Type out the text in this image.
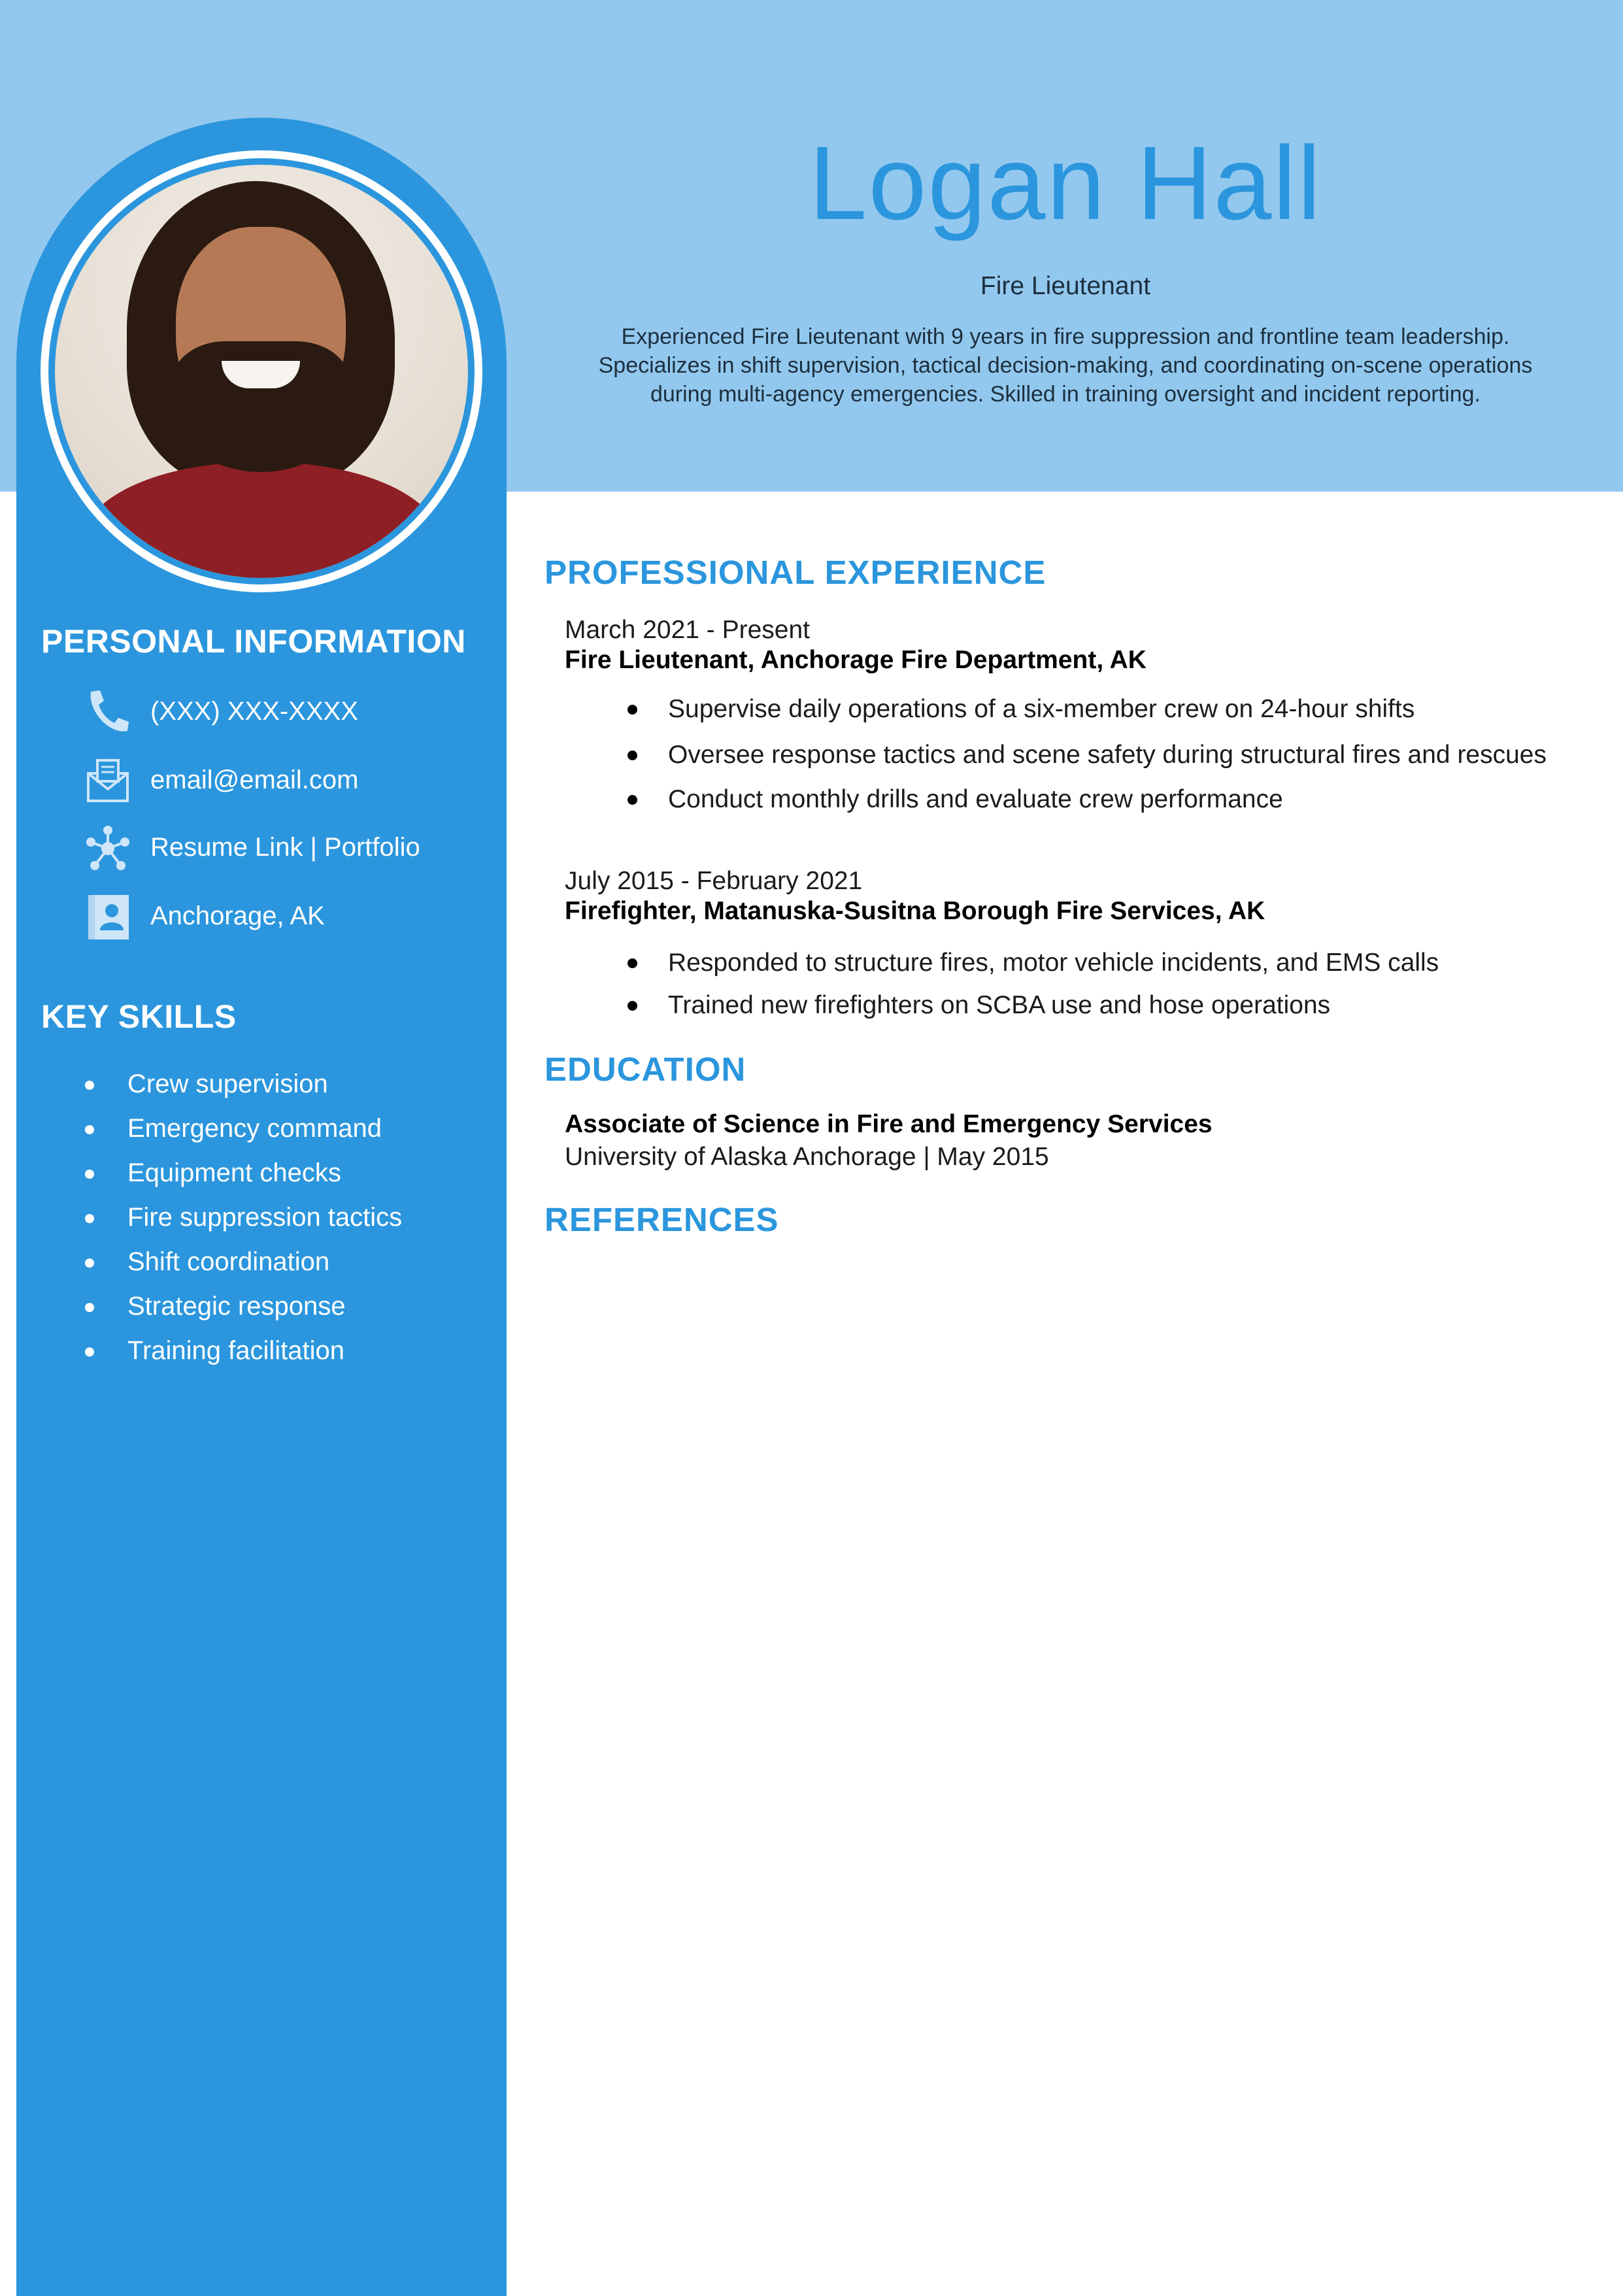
PERSONAL INFORMATION
(XXX) XXX-XXXX
email@email.com
Resume Link | Portfolio
Anchorage, AK
KEY SKILLS
Crew supervision
Emergency command
Equipment checks
Fire suppression tactics
Shift coordination
Strategic response
Training facilitation
Logan Hall
Fire Lieutenant
Experienced Fire Lieutenant with 9 years in fire suppression and frontline team leadership. Specializes in shift supervision, tactical decision-making, and coordinating on-scene operations during multi-agency emergencies. Skilled in training oversight and incident reporting.
PROFESSIONAL EXPERIENCE
March 2021 - Present
Fire Lieutenant, Anchorage Fire Department, AK
Supervise daily operations of a six-member crew on 24-hour shifts
Oversee response tactics and scene safety during structural fires and rescues
Conduct monthly drills and evaluate crew performance
July 2015 - February 2021
Firefighter, Matanuska-Susitna Borough Fire Services, AK
Responded to structure fires, motor vehicle incidents, and EMS calls
Trained new firefighters on SCBA use and hose operations
EDUCATION
Associate of Science in Fire and Emergency Services
University of Alaska Anchorage | May 2015
REFERENCES
